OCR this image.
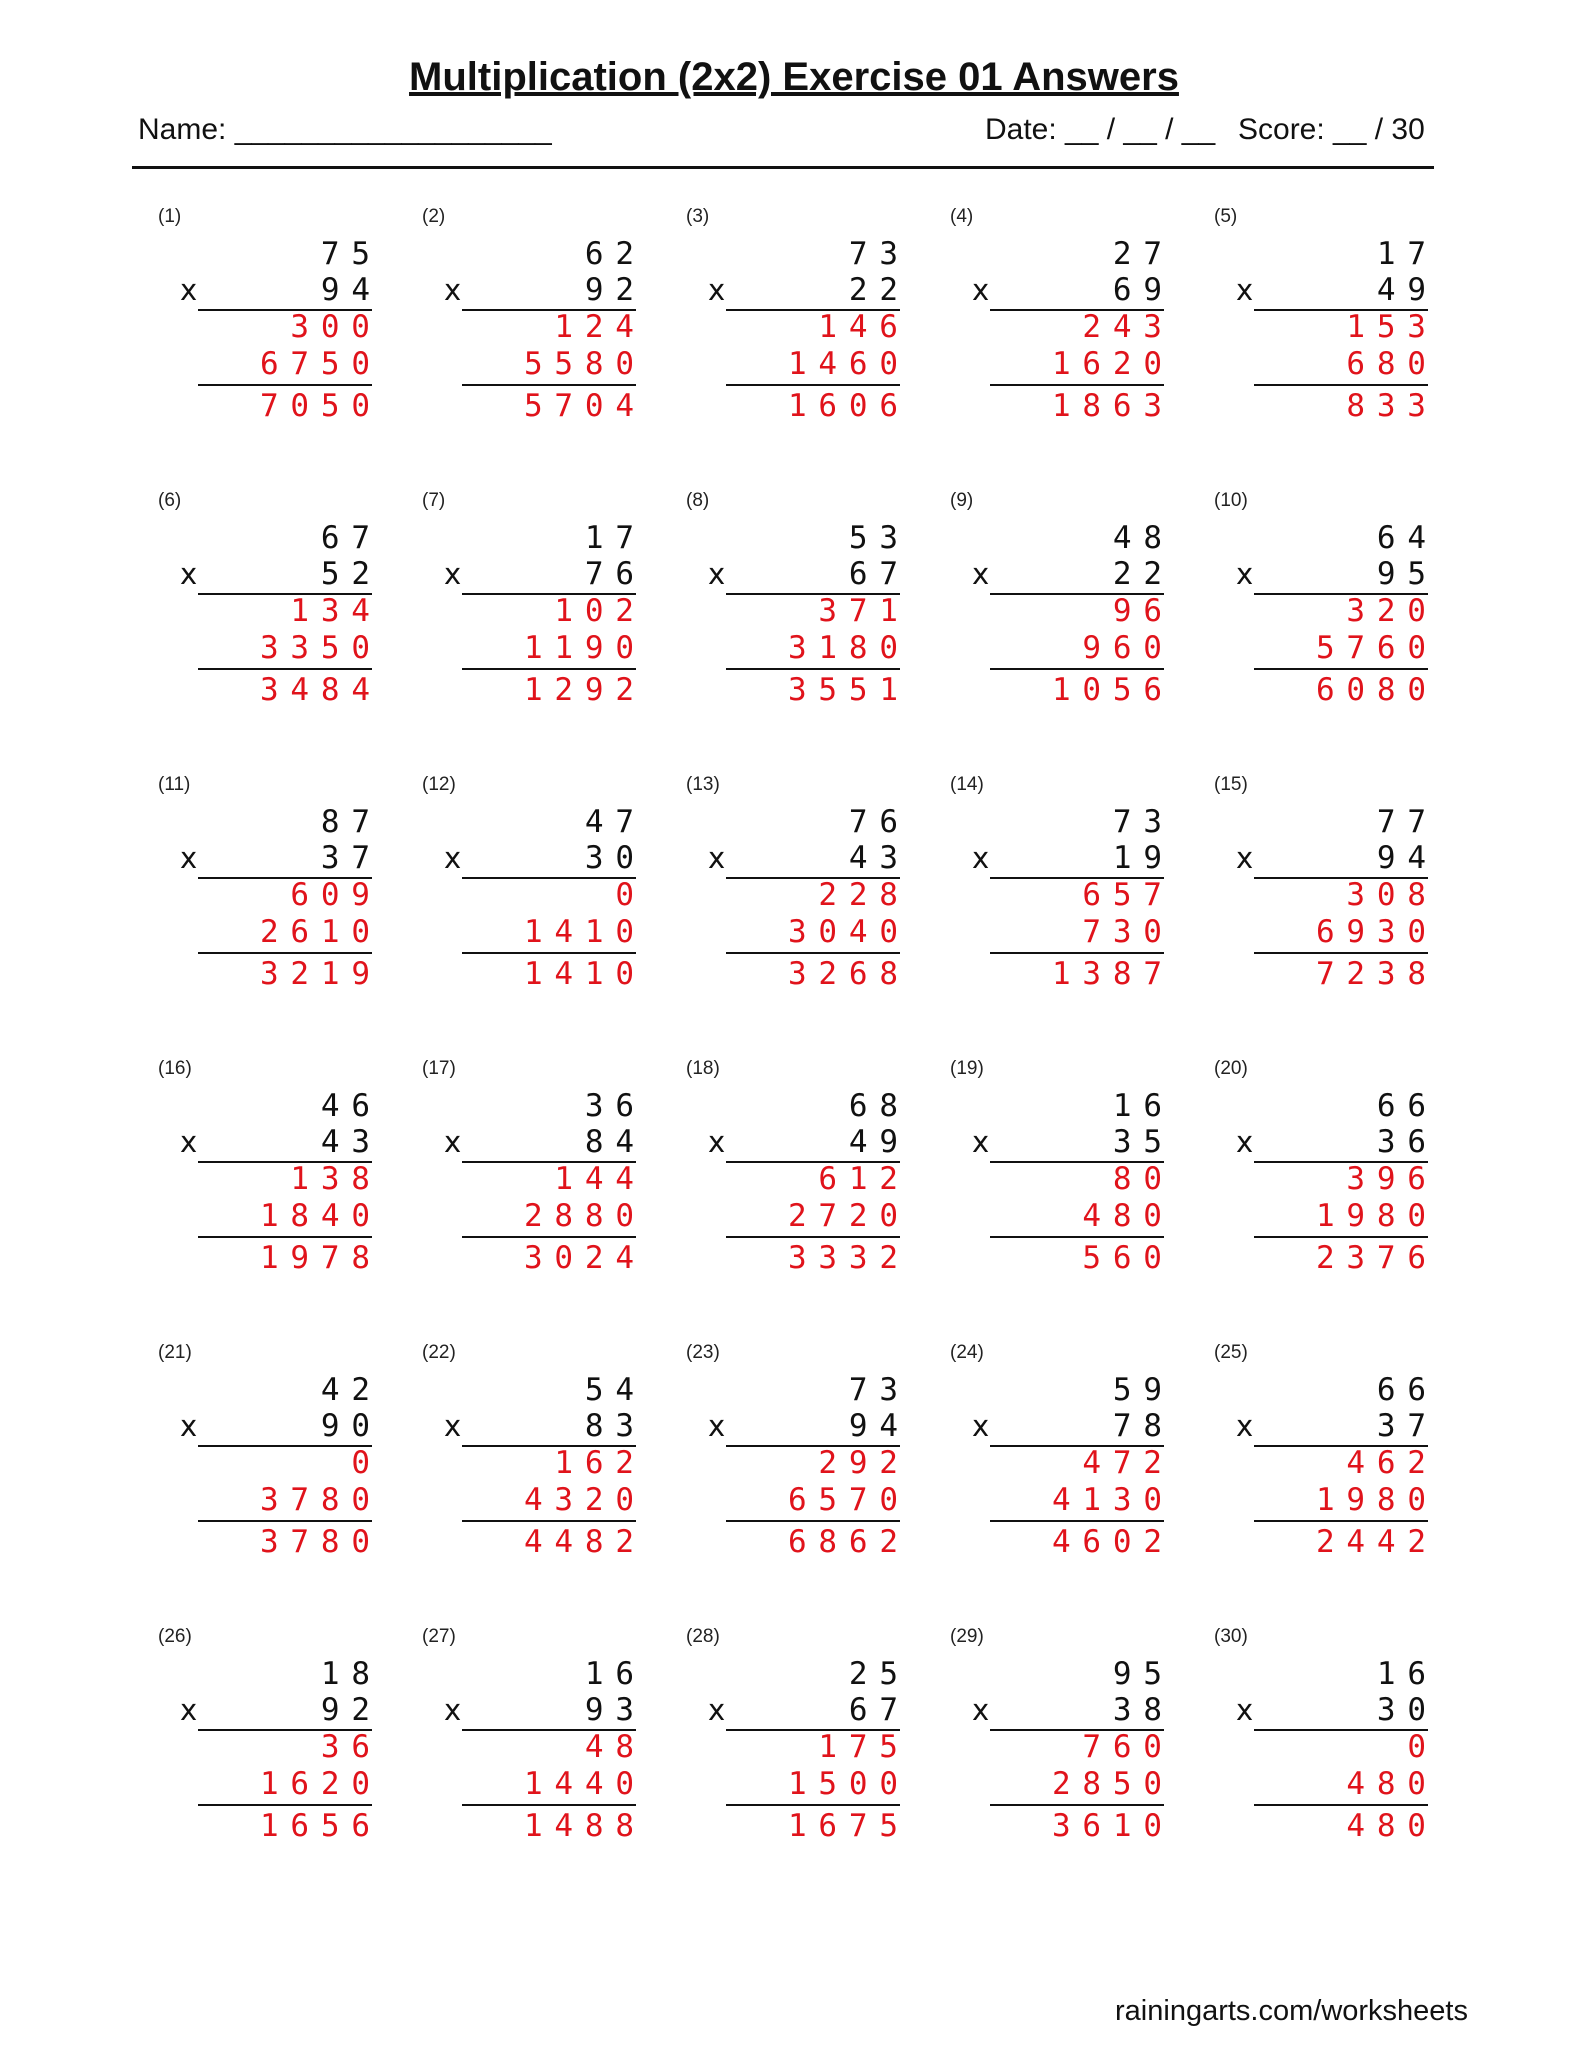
Multiplication (2x2) Exercise 01 Answers
Name: ___________________	Date: __ / __ / __ Score: __ / 30
(1)
75
x	94
300
6750
7050
(2)
62
x	92
124
5580
5704
(3)
73
x	22
146
1460
1606
(4)
27
x	69
243
1620
1863
(5)
17
x	49
153
680
833
(6)
67
x	52
134
3350
3484
(7)
17
x	76
102
1190
1292
(8)
53
x	67
371
3180
3551
(9)
48
x	22
96
960
1056
(10)
64
x	95
320
5760
6080
(11)
87
x	37
609
2610
3219
(12)
47
x	30
0
1410
1410
(13)
76
x	43
228
3040
3268
(14)
73
x	19
657
730
1387
(15)
77
x	94
308
6930
7238
(16)
46
x	43
138
1840
1978
(17)
36
x	84
144
2880
3024
(18)
68
x	49
612
2720
3332
(19)
16
x	35
80
480
560
(20)
66
x	36
396
1980
2376
(21)
42
x	90
0
3780
3780
(22)
54
x	83
162
4320
4482
(23)
73
x	94
292
6570
6862
(24)
59
x	78
472
4130
4602
(25)
66
x	37
462
1980
2442
(26)
18
x	92
36
1620
1656
(27)
16
x	93
48
1440
1488
(28)
25
x	67
175
1500
1675
(29)
95
x	38
760
2850
3610
(30)
16
x	30
0
480
480
rainingarts.com/worksheets
